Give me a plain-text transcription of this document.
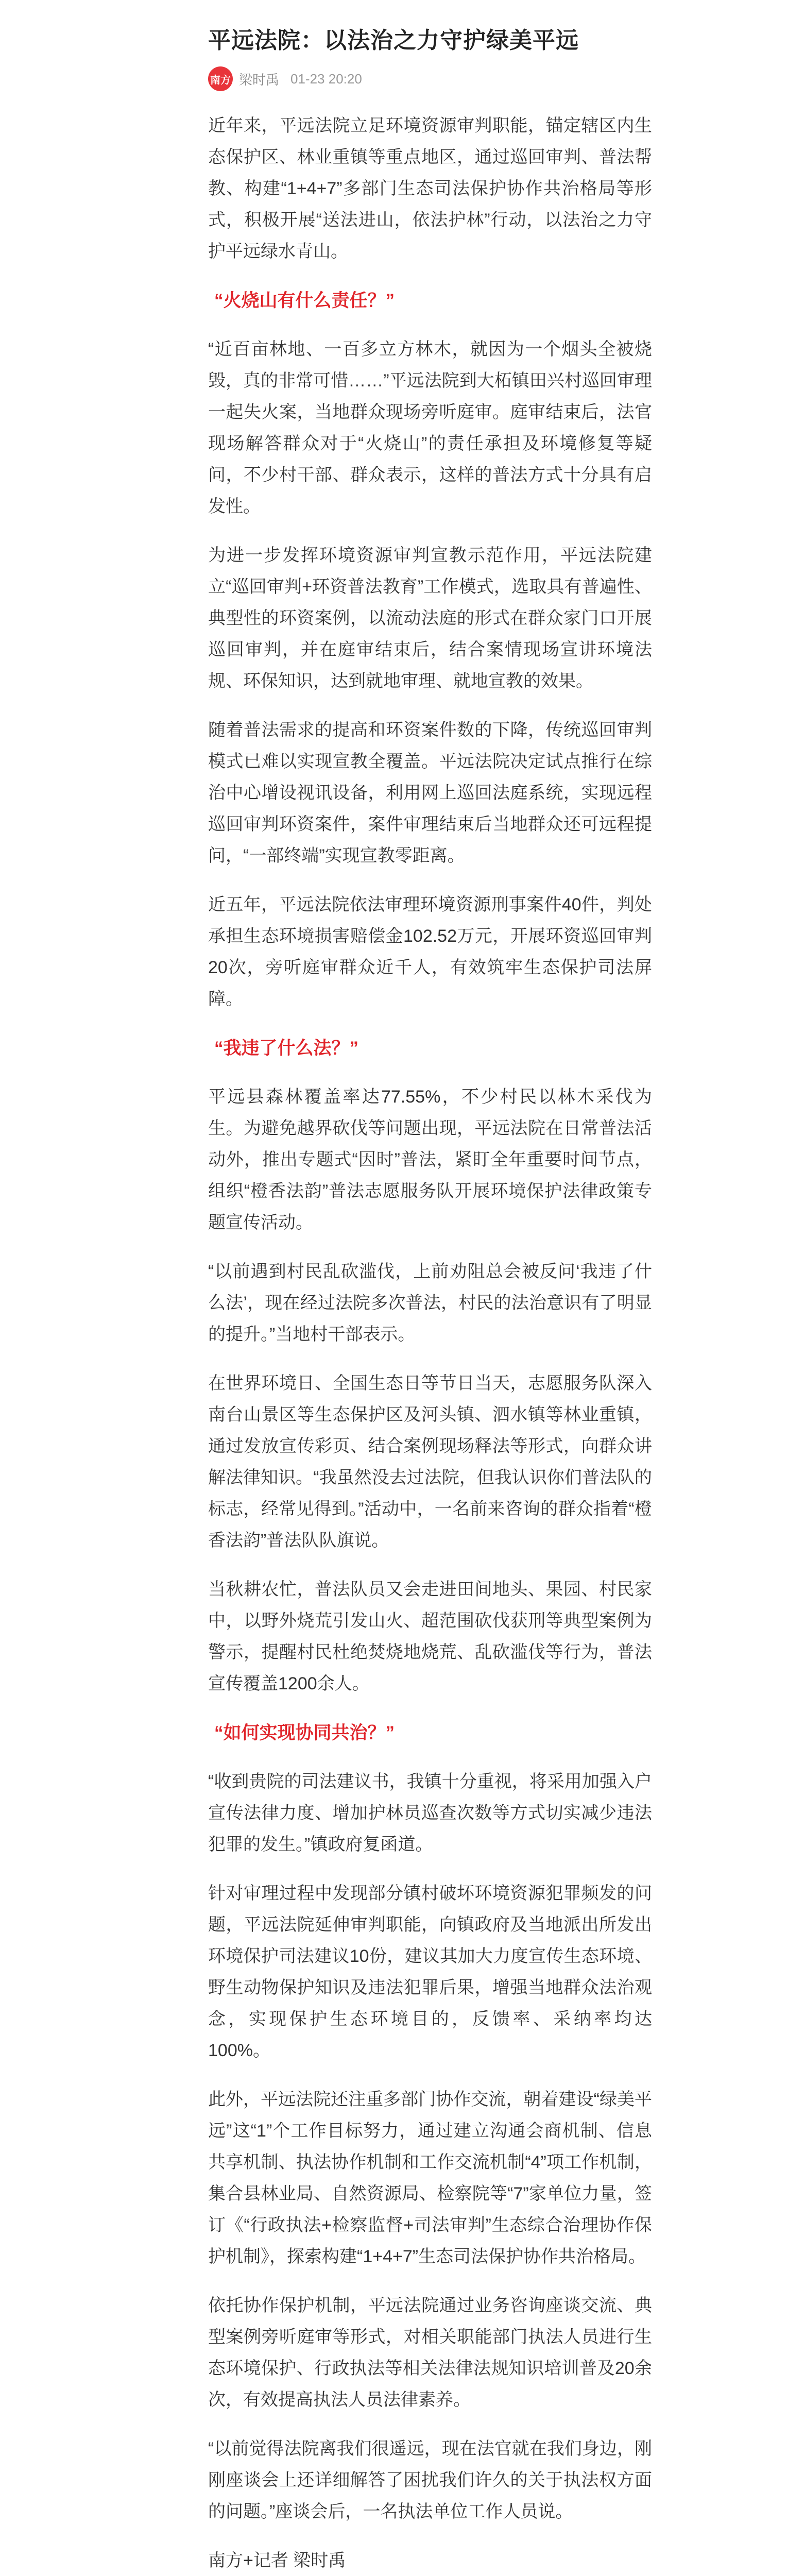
平远法院：以法治之力守护绿美平远
南方 梁时禹 01-23 20:20

近年来，平远法院立足环境资源审判职能，锚定辖区内生态保护区、林业重镇等重点地区，通过巡回审判、普法帮教、构建“1+4+7”多部门生态司法保护协作共治格局等形式，积极开展“送法进山，依法护林”行动，以法治之力守护平远绿水青山。

“火烧山有什么责任？”

“近百亩林地、一百多立方林木，就因为一个烟头全被烧毁，真的非常可惜……”平远法院到大柘镇田兴村巡回审理一起失火案，当地群众现场旁听庭审。庭审结束后，法官现场解答群众对于“火烧山”的责任承担及环境修复等疑问，不少村干部、群众表示，这样的普法方式十分具有启发性。

为进一步发挥环境资源审判宣教示范作用，平远法院建立“巡回审判+环资普法教育”工作模式，选取具有普遍性、典型性的环资案例，以流动法庭的形式在群众家门口开展巡回审判，并在庭审结束后，结合案情现场宣讲环境法规、环保知识，达到就地审理、就地宣教的效果。

随着普法需求的提高和环资案件数的下降，传统巡回审判模式已难以实现宣教全覆盖。平远法院决定试点推行在综治中心增设视讯设备，利用网上巡回法庭系统，实现远程巡回审判环资案件，案件审理结束后当地群众还可远程提问，“一部终端”实现宣教零距离。

近五年，平远法院依法审理环境资源刑事案件40件，判处承担生态环境损害赔偿金102.52万元，开展环资巡回审判20次，旁听庭审群众近千人，有效筑牢生态保护司法屏障。

“我违了什么法？”

平远县森林覆盖率达77.55%，不少村民以林木采伐为生。为避免越界砍伐等问题出现，平远法院在日常普法活动外，推出专题式“因时”普法，紧盯全年重要时间节点，组织“橙香法韵”普法志愿服务队开展环境保护法律政策专题宣传活动。

“以前遇到村民乱砍滥伐，上前劝阻总会被反问‘我违了什么法’，现在经过法院多次普法，村民的法治意识有了明显的提升。”当地村干部表示。

在世界环境日、全国生态日等节日当天，志愿服务队深入南台山景区等生态保护区及河头镇、泗水镇等林业重镇，通过发放宣传彩页、结合案例现场释法等形式，向群众讲解法律知识。“我虽然没去过法院，但我认识你们普法队的标志，经常见得到。”活动中，一名前来咨询的群众指着“橙香法韵”普法队队旗说。

当秋耕农忙，普法队员又会走进田间地头、果园、村民家中，以野外烧荒引发山火、超范围砍伐获刑等典型案例为警示，提醒村民杜绝焚烧地烧荒、乱砍滥伐等行为，普法宣传覆盖1200余人。

“如何实现协同共治？”

“收到贵院的司法建议书，我镇十分重视，将采用加强入户宣传法律力度、增加护林员巡查次数等方式切实减少违法犯罪的发生。”镇政府复函道。

针对审理过程中发现部分镇村破坏环境资源犯罪频发的问题，平远法院延伸审判职能，向镇政府及当地派出所发出环境保护司法建议10份，建议其加大力度宣传生态环境、野生动物保护知识及违法犯罪后果，增强当地群众法治观念，实现保护生态环境目的，反馈率、采纳率均达100%。

此外，平远法院还注重多部门协作交流，朝着建设“绿美平远”这“1”个工作目标努力，通过建立沟通会商机制、信息共享机制、执法协作机制和工作交流机制“4”项工作机制，集合县林业局、自然资源局、检察院等“7”家单位力量，签订《“行政执法+检察监督+司法审判”生态综合治理协作保护机制》，探索构建“1+4+7”生态司法保护协作共治格局。

依托协作保护机制，平远法院通过业务咨询座谈交流、典型案例旁听庭审等形式，对相关职能部门执法人员进行生态环境保护、行政执法等相关法律法规知识培训普及20余次，有效提高执法人员法律素养。

“以前觉得法院离我们很遥远，现在法官就在我们身边，刚刚座谈会上还详细解答了困扰我们许久的关于执法权方面的问题。”座谈会后，一名执法单位工作人员说。

南方+记者 梁时禹
